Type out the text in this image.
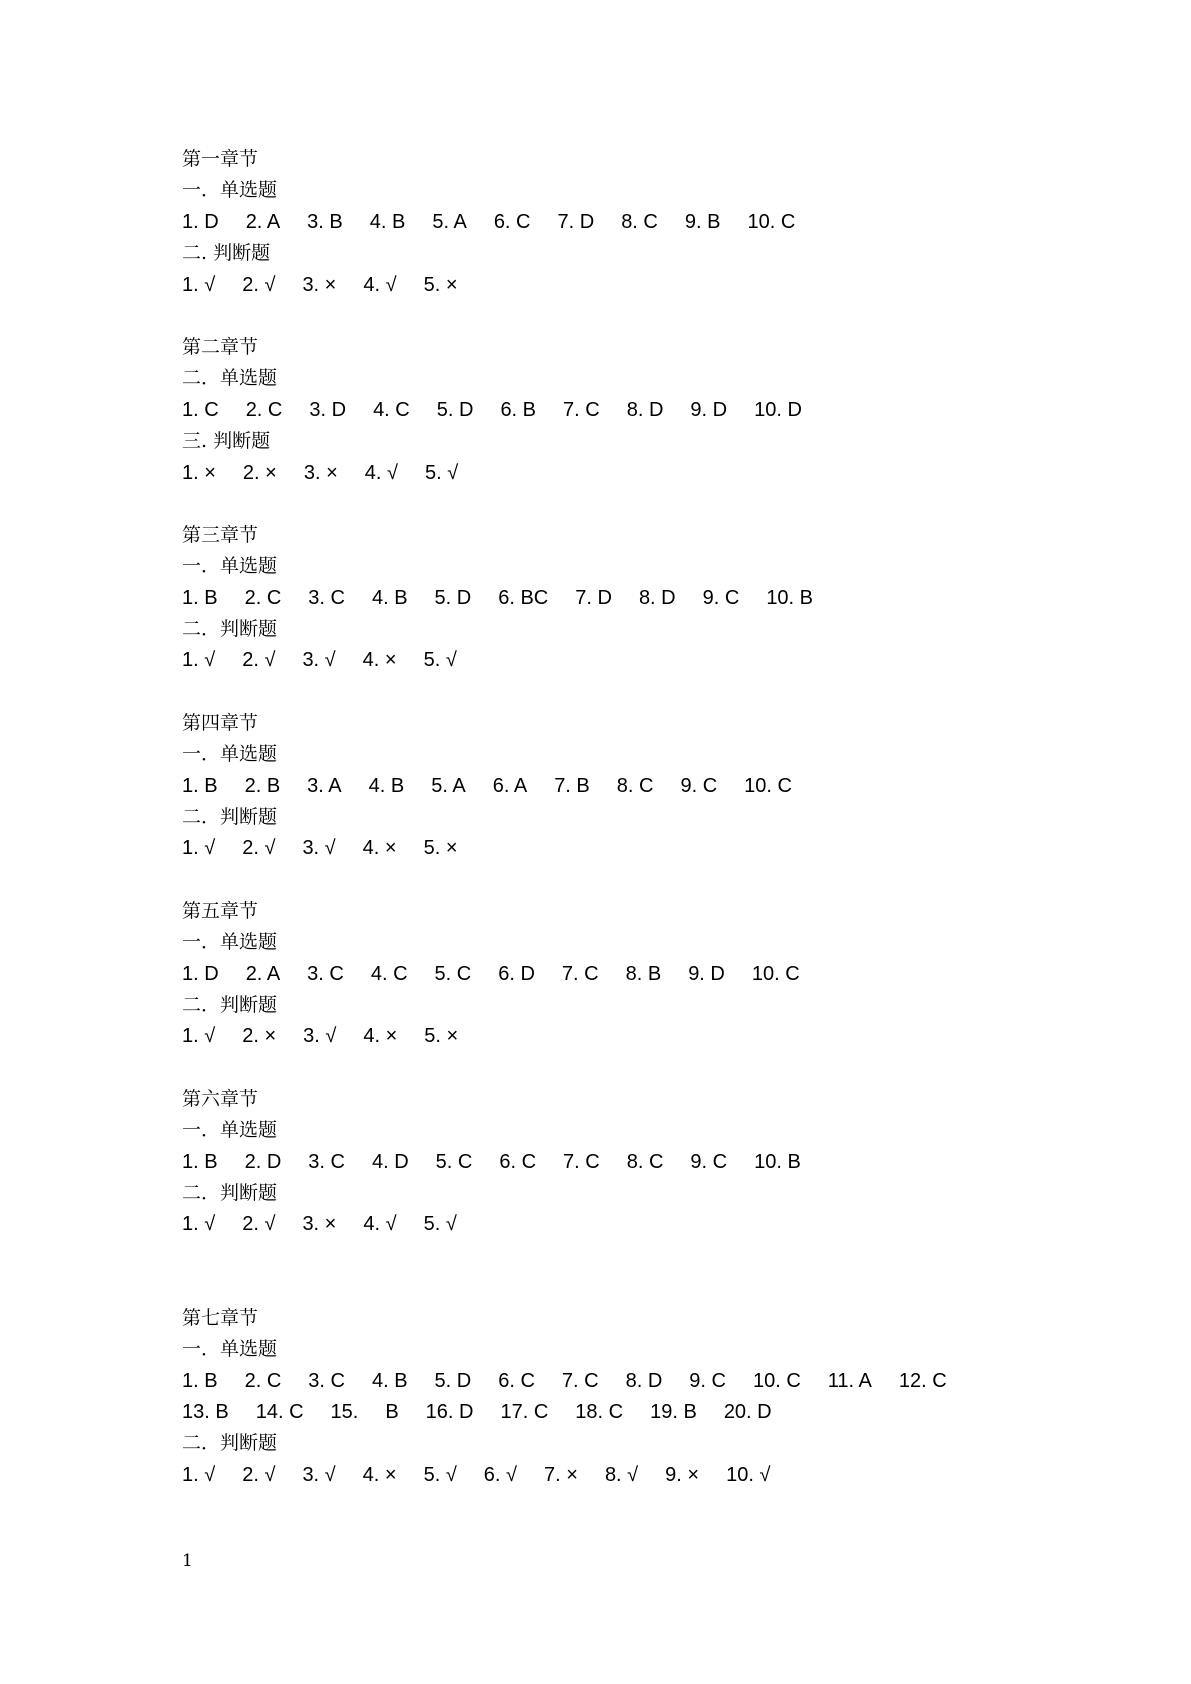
第一章节
一．单选题
1. D 2. A 3. B 4. B 5. A 6. C 7. D 8. C 9. B 10. C
二. 判断题
1. √ 2. √ 3. × 4. √ 5. ×
第二章节
二．单选题
1. C 2. C 3. D 4. C 5. D 6. B 7. C 8. D 9. D 10. D
三. 判断题
1. × 2. × 3. × 4. √ 5. √
第三章节
一．单选题
1. B 2. C 3. C 4. B 5. D 6. BC 7. D 8. D 9. C 10. B
二．判断题
1. √ 2. √ 3. √ 4. × 5. √
第四章节
一．单选题
1. B 2. B 3. A 4. B 5. A 6. A 7. B 8. C 9. C 10. C
二．判断题
1. √ 2. √ 3. √ 4. × 5. ×
第五章节
一．单选题
1. D 2. A 3. C 4. C 5. C 6. D 7. C 8. B 9. D 10. C
二．判断题
1. √ 2. × 3. √ 4. × 5. ×
第六章节
一．单选题
1. B 2. D 3. C 4. D 5. C 6. C 7. C 8. C 9. C 10. B
二．判断题
1. √ 2. √ 3. × 4. √ 5. √
第七章节
一．单选题
1. B 2. C 3. C 4. B 5. D 6. C 7. C 8. D 9. C 10. C 11. A 12. C
13. B 14. C 15. B 16. D 17. C 18. C 19. B 20. D
二．判断题
1. √ 2. √ 3. √ 4. × 5. √ 6. √ 7. × 8. √ 9. × 10. √
1
